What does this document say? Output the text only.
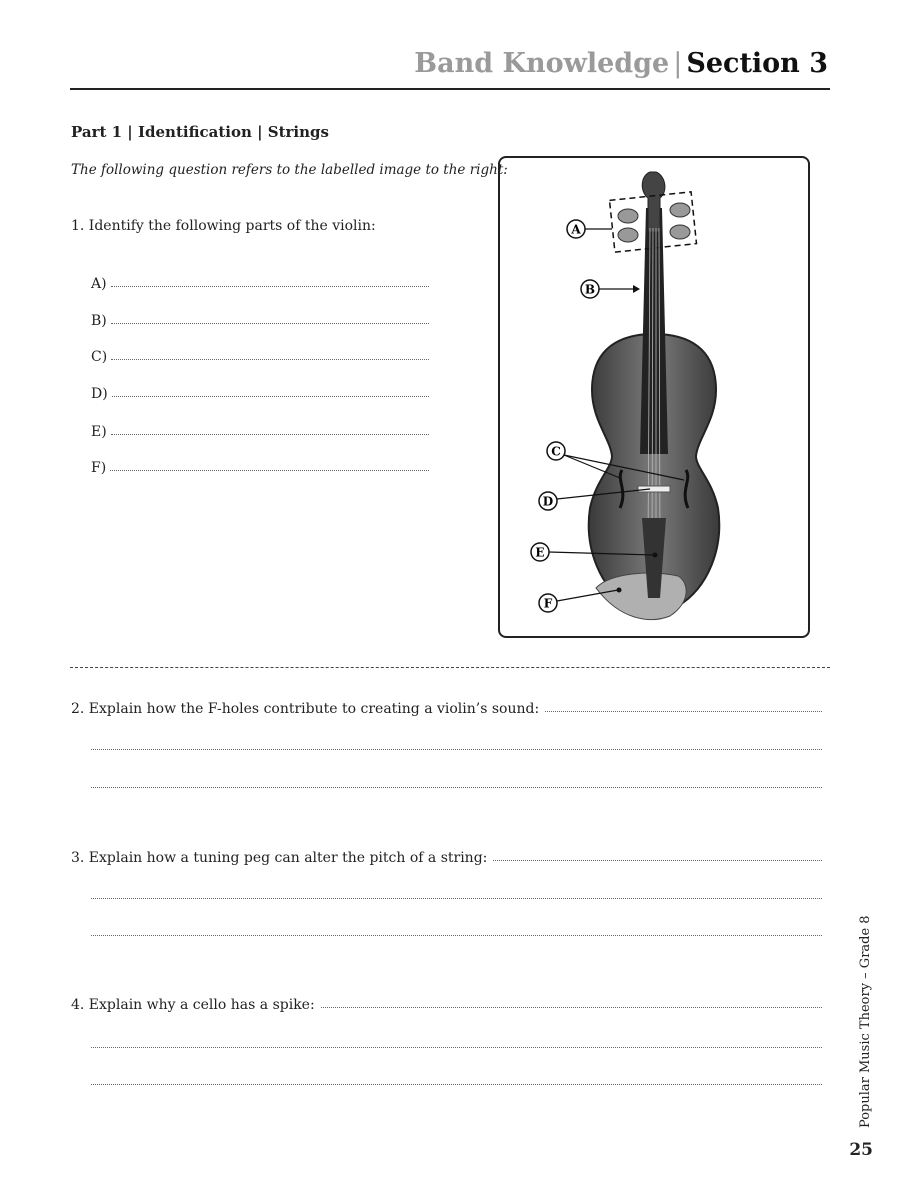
Band Knowledge | Section 3
Part 1 | Identification | Strings
The following question refers to the labelled image to the right:
1. Identify the following parts of the violin:
A)
B)
C)
D)
E)
F)
A
B
C
D
E
F
2. Explain how the F-holes contribute to creating a violin’s sound:
3. Explain how a tuning peg can alter the pitch of a string:
4. Explain why a cello has a spike:	Popular Music Theory – Grade 8
25
